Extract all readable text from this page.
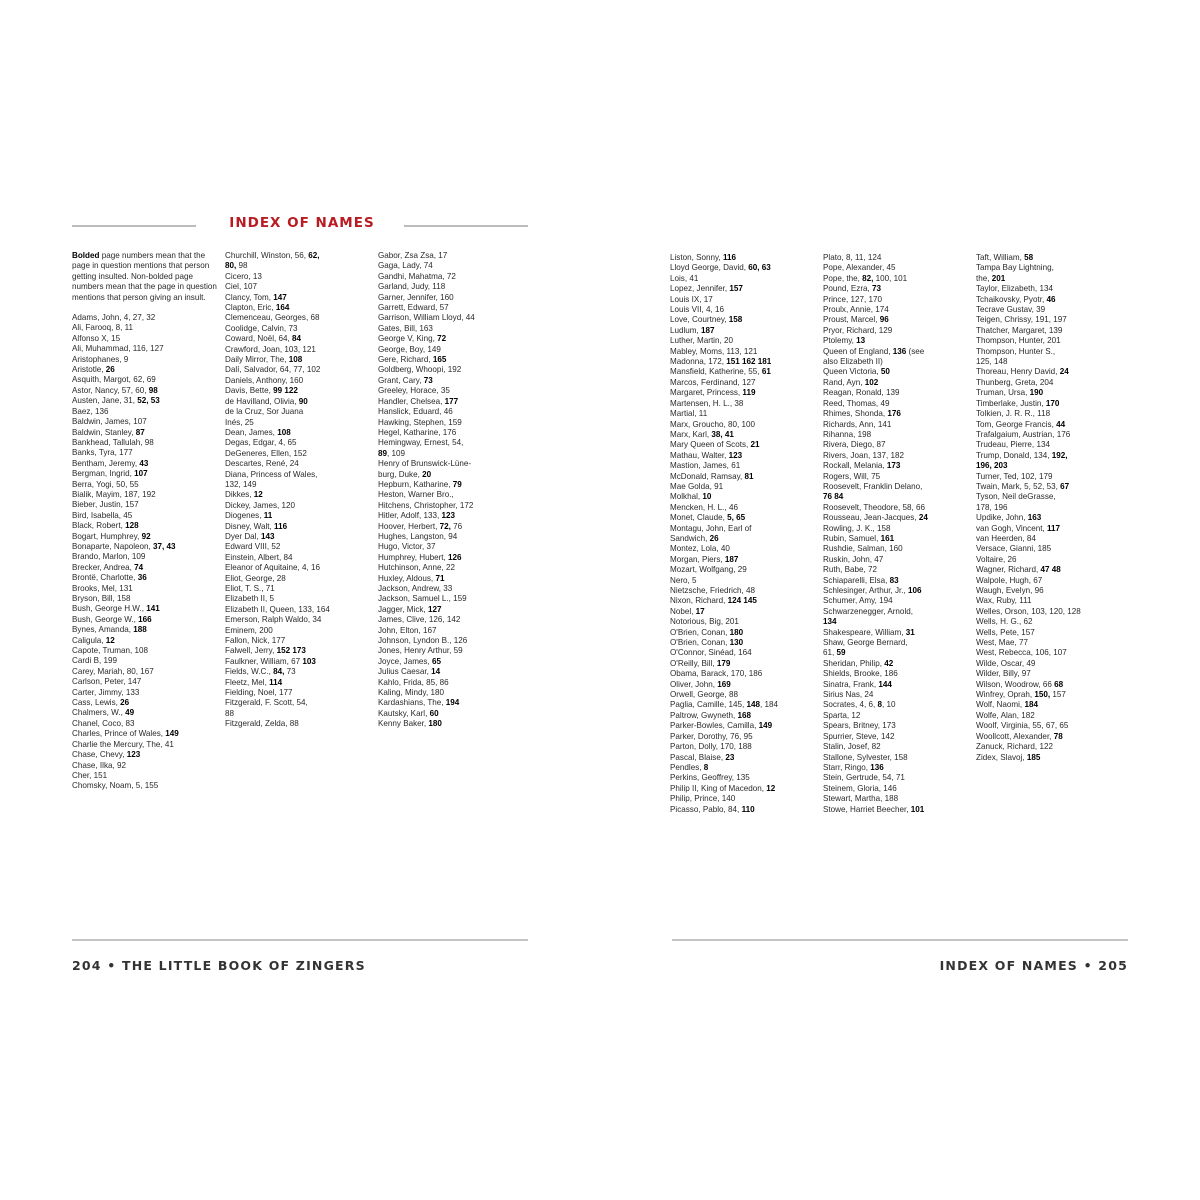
INDEX OF NAMES
Bolded page numbers mean that the page in question mentions that person getting insulted. Non-bolded page numbers mean that the page in question mentions that person giving an insult.
Adams, John, 4, 27, 32
Ali, Farooq, 8, 11
Alfonso X, 15
Ali, Muhammad, 116, 127
Aristophanes, 9
Aristotle, 26
Asquith, Margot, 62, 69
Astor, Nancy, 57, 60, 98
Austen, Jane, 31, 52, 53
Baez, 136
Baldwin, James, 107
Baldwin, Stanley, 87
Bankhead, Tallulah, 98
Banks, Tyra, 177
Bentham, Jeremy, 43
Bergman, Ingrid, 107
Berra, Yogi, 50, 55
Bialik, Mayim, 187, 192
Bieber, Justin, 157
Bird, Isabella, 45
Black, Robert, 128
Bogart, Humphrey, 92
Bonaparte, Napoleon, 37, 43
Brando, Marlon, 109
Brecker, Andrea, 74
Brontë, Charlotte, 36
Brooks, Mel, 131
Bryson, Bill, 158
Bush, George H.W., 141
Bush, George W., 166
Bynes, Amanda, 188
Caligula, 12
Capote, Truman, 108
Cardi B, 199
Carey, Mariah, 80, 167
Carlson, Peter, 147
Carter, Jimmy, 133
Cass, Lewis, 26
Chalmers, W., 49
Chanel, Coco, 83
Charles, Prince of Wales, 149
Charlie the Mercury, The, 41
Chase, Chevy, 123
Chase, Ilka, 92
Cher, 151
Chomsky, Noam, 5, 155
Churchill, Winston, 56, 62,
80, 98
Cicero, 13
Ciel, 107
Clancy, Tom, 147
Clapton, Eric, 164
Clemenceau, Georges, 68
Coolidge, Calvin, 73
Coward, Noël, 64, 84
Crawford, Joan, 103, 121
Daily Mirror, The, 108
Dalí, Salvador, 64, 77, 102
Daniels, Anthony, 160
Davis, Bette, 99 122
de Havilland, Olivia, 90
de la Cruz, Sor Juana
Inés, 25
Dean, James, 108
Degas, Edgar, 4, 65
DeGeneres, Ellen, 152
Descartes, René, 24
Diana, Princess of Wales,
132, 149
Dikkes, 12
Dickey, James, 120
Diogenes, 11
Disney, Walt, 116
Dyer Dal, 143
Edward VIII, 52
Einstein, Albert, 84
Eleanor of Aquitaine, 4, 16
Eliot, George, 28
Eliot, T. S., 71
Elizabeth II, 5
Elizabeth II, Queen, 133, 164
Emerson, Ralph Waldo, 34
Eminem, 200
Fallon, Nick, 177
Falwell, Jerry, 152 173
Faulkner, William, 67 103
Fields, W.C., 84, 73
Fleetz, Mel, 114
Fielding, Noel, 177
Fitzgerald, F. Scott, 54,
88
Fitzgerald, Zelda, 88
Gabor, Zsa Zsa, 17
Gaga, Lady, 74
Gandhi, Mahatma, 72
Garland, Judy, 118
Garner, Jennifer, 160
Garrett, Edward, 57
Garrison, William Lloyd, 44
Gates, Bill, 163
George V, King, 72
George, Boy, 149
Gere, Richard, 165
Goldberg, Whoopi, 192
Grant, Cary, 73
Greeley, Horace, 35
Handler, Chelsea, 177
Hanslick, Eduard, 46
Hawking, Stephen, 159
Hegel, Katharine, 176
Hemingway, Ernest, 54,
89, 109
Henry of Brunswick-Lüne-
burg, Duke, 20
Hepburn, Katharine, 79
Heston, Warner Bro.,
Hitchens, Christopher, 172
Hitler, Adolf, 133, 123
Hoover, Herbert, 72, 76
Hughes, Langston, 94
Hugo, Victor, 37
Humphrey, Hubert, 126
Hutchinson, Anne, 22
Huxley, Aldous, 71
Jackson, Andrew, 33
Jackson, Samuel L., 159
Jagger, Mick, 127
James, Clive, 126, 142
John, Elton, 167
Johnson, Lyndon B., 126
Jones, Henry Arthur, 59
Joyce, James, 65
Julius Caesar, 14
Kahlo, Frida, 85, 86
Kaling, Mindy, 180
Kardashians, The, 194
Kautsky, Karl, 60
Kenny Baker, 180
Liston, Sonny, 116
Lloyd George, David, 60, 63
Lois, 41
Lopez, Jennifer, 157
Louis IX, 17
Louis VII, 4, 16
Love, Courtney, 158
Ludlum, 187
Luther, Martin, 20
Mabley, Moms, 113, 121
Madonna, 172, 151 162 181
Mansfield, Katherine, 55, 61
Marcos, Ferdinand, 127
Margaret, Princess, 119
Martensen, H. L., 38
Martial, 11
Marx, Groucho, 80, 100
Marx, Karl, 38, 41
Mary Queen of Scots, 21
Mathau, Walter, 123
Mastion, James, 61
McDonald, Ramsay, 81
Mae Golda, 91
Molkhal, 10
Mencken, H. L., 46
Monet, Claude, 5, 65
Montagu, John, Earl of
Sandwich, 26
Montez, Lola, 40
Morgan, Piers, 187
Mozart, Wolfgang, 29
Nero, 5
Nietzsche, Friedrich, 48
Nixon, Richard, 124 145
Nobel, 17
Notorious, Big, 201
O'Brien, Conan, 180
O'Brien, Conan, 130
O'Connor, Sinéad, 164
O'Reilly, Bill, 179
Obama, Barack, 170, 186
Oliver, John, 169
Orwell, George, 88
Paglia, Camille, 145, 148, 184
Paltrow, Gwyneth, 168
Parker-Bowles, Camilla, 149
Parker, Dorothy, 76, 95
Parton, Dolly, 170, 188
Pascal, Blaise, 23
Pendles, 8
Perkins, Geoffrey, 135
Philip II, King of Macedon, 12
Philip, Prince, 140
Picasso, Pablo, 84, 110
Plato, 8, 11, 124
Pope, Alexander, 45
Pope, the, 82, 100, 101
Pound, Ezra, 73
Prince, 127, 170
Proulx, Annie, 174
Proust, Marcel, 96
Pryor, Richard, 129
Ptolemy, 13
Queen of England, 136 (see
also Elizabeth II)
Queen Victoria, 50
Rand, Ayn, 102
Reagan, Ronald, 139
Reed, Thomas, 49
Rhimes, Shonda, 176
Richards, Ann, 141
Rihanna, 198
Rivera, Diego, 87
Rivers, Joan, 137, 182
Rockall, Melania, 173
Rogers, Will, 75
Roosevelt, Franklin Delano,
76 84
Roosevelt, Theodore, 58, 66
Rousseau, Jean-Jacques, 24
Rowling, J. K., 158
Rubin, Samuel, 161
Rushdie, Salman, 160
Ruskin, John, 47
Ruth, Babe, 72
Schiaparelli, Elsa, 83
Schlesinger, Arthur, Jr., 106
Schumer, Amy, 194
Schwarzenegger, Arnold,
134
Shakespeare, William, 31
Shaw, George Bernard,
61, 59
Sheridan, Philip, 42
Shields, Brooke, 186
Sinatra, Frank, 144
Sirius Nas, 24
Socrates, 4, 6, 8, 10
Sparta, 12
Spears, Britney, 173
Spurrier, Steve, 142
Stalin, Josef, 82
Stallone, Sylvester, 158
Starr, Ringo, 136
Stein, Gertrude, 54, 71
Steinem, Gloria, 146
Stewart, Martha, 188
Stowe, Harriet Beecher, 101
Taft, William, 58
Tampa Bay Lightning,
the, 201
Taylor, Elizabeth, 134
Tchaikovsky, Pyotr, 46
Tecrave Gustav, 39
Teigen, Chrissy, 191, 197
Thatcher, Margaret, 139
Thompson, Hunter, 201
Thompson, Hunter S.,
125, 148
Thoreau, Henry David, 24
Thunberg, Greta, 204
Truman, Ursa, 190
Timberlake, Justin, 170
Tolkien, J. R. R., 118
Tom, George Francis, 44
Trafalgaium, Austrian, 176
Trudeau, Pierre, 134
Trump, Donald, 134, 192,
196, 203
Turner, Ted, 102, 179
Twain, Mark, 5, 52, 53, 67
Tyson, Neil deGrasse,
178, 196
Updike, John, 163
van Gogh, Vincent, 117
van Heerden, 84
Versace, Gianni, 185
Voltaire, 26
Wagner, Richard, 47 48
Walpole, Hugh, 67
Waugh, Evelyn, 96
Wax, Ruby, 111
Welles, Orson, 103, 120, 128
Wells, H. G., 62
Wells, Pete, 157
West, Mae, 77
West, Rebecca, 106, 107
Wilde, Oscar, 49
Wilder, Billy, 97
Wilson, Woodrow, 66 68
Winfrey, Oprah, 150, 157
Wolf, Naomi, 184
Wolfe, Alan, 182
Woolf, Virginia, 55, 67, 65
Woollcott, Alexander, 78
Zanuck, Richard, 122
Zidex, Slavoj, 185
204 • THE LITTLE BOOK OF ZINGERS	INDEX OF NAMES • 205
